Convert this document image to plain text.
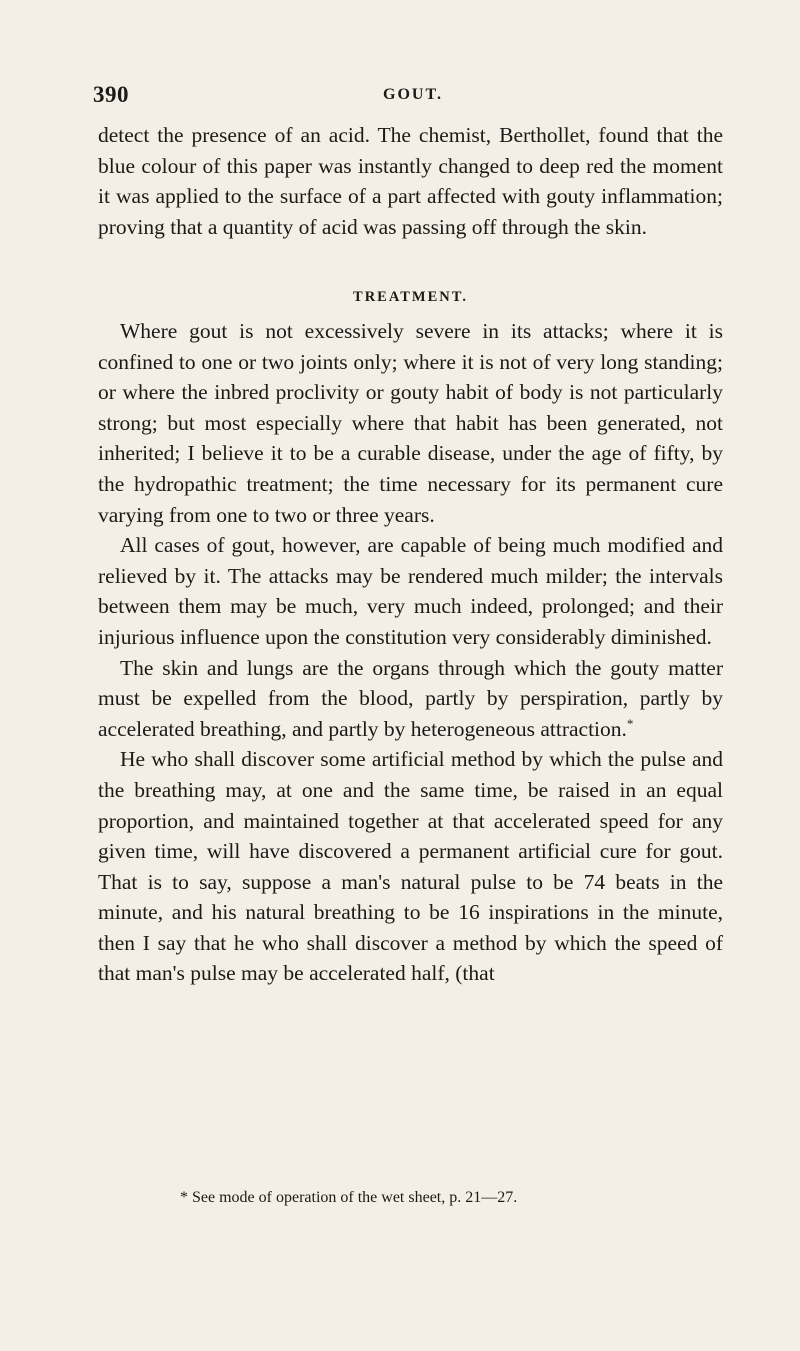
390	GOUT.

detect the presence of an acid. The chemist, Berthollet, found that the blue colour of this paper was instantly changed to deep red the moment it was applied to the surface of a part affected with gouty inflammation; proving that a quantity of acid was passing off through the skin.

TREATMENT.

Where gout is not excessively severe in its attacks; where it is confined to one or two joints only; where it is not of very long standing; or where the inbred proclivity or gouty habit of body is not particularly strong; but most especially where that habit has been generated, not inherited; I believe it to be a curable disease, under the age of fifty, by the hydropathic treatment; the time necessary for its permanent cure varying from one to two or three years.

All cases of gout, however, are capable of being much modified and relieved by it. The attacks may be rendered much milder; the intervals between them may be much, very much indeed, prolonged; and their injurious influence upon the constitution very considerably diminished.

The skin and lungs are the organs through which the gouty matter must be expelled from the blood, partly by perspiration, partly by accelerated breathing, and partly by heterogeneous attraction.*

He who shall discover some artificial method by which the pulse and the breathing may, at one and the same time, be raised in an equal proportion, and maintained together at that accelerated speed for any given time, will have discovered a permanent artificial cure for gout. That is to say, suppose a man's natural pulse to be 74 beats in the minute, and his natural breathing to be 16 inspirations in the minute, then I say that he who shall discover a method by which the speed of that man's pulse may be accelerated half, (that

* See mode of operation of the wet sheet, p. 21—27.
